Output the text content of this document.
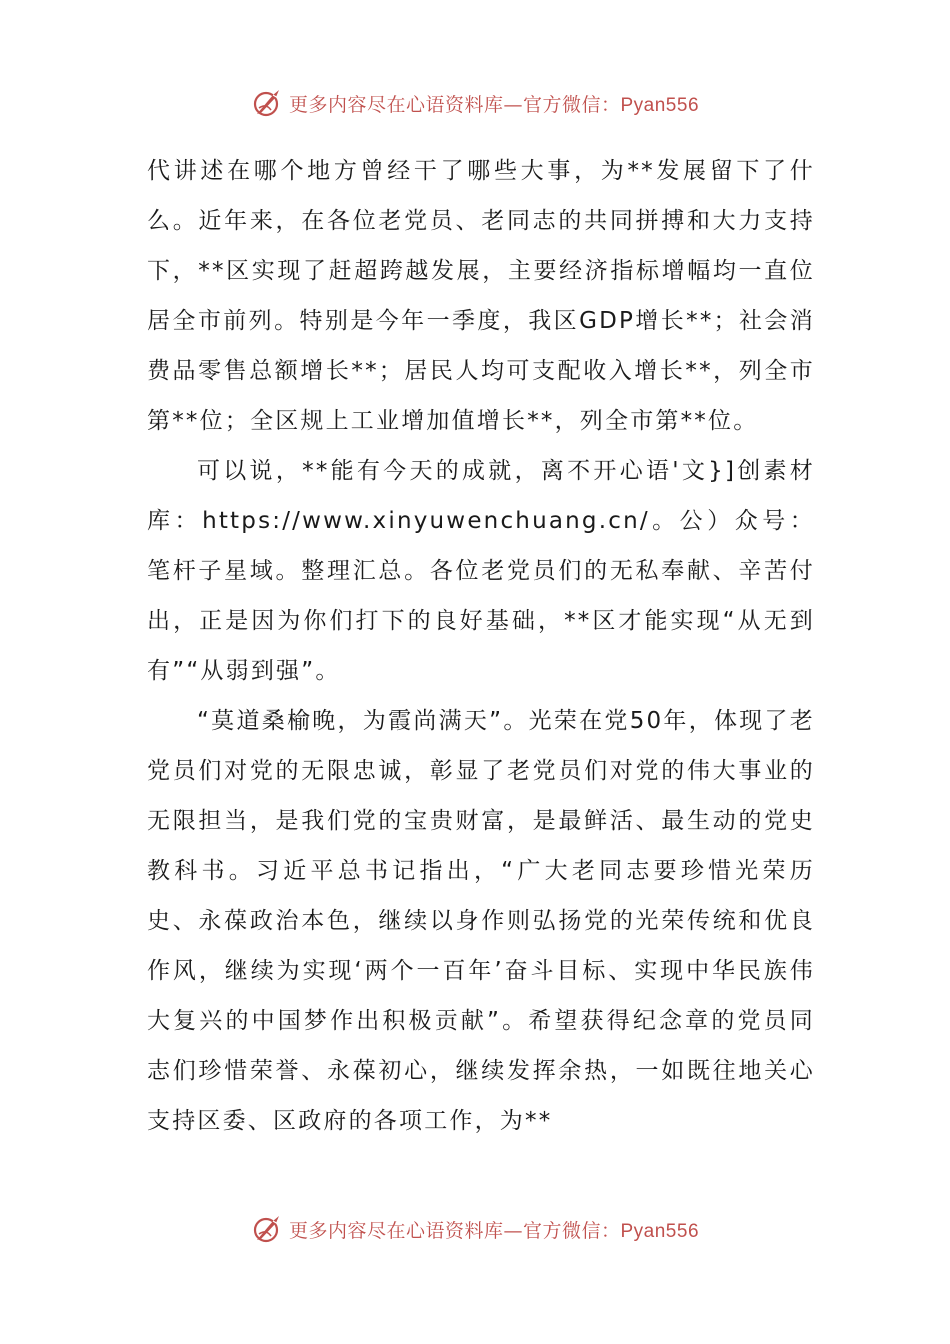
更多内容尽在心语资料库—官方微信：Pyan556

代讲述在哪个地方曾经干了哪些大事，为**发展留下了什么。近年来，在各位老党员、老同志的共同拼搏和大力支持下，**区实现了赶超跨越发展，主要经济指标增幅均一直位居全市前列。特别是今年一季度，我区GDP增长**；社会消费品零售总额增长**；居民人均可支配收入增长**，列全市第**位；全区规上工业增加值增长**，列全市第**位。

可以说，**能有今天的成就，离不开心语'文}]创素材库：https://www.xinyuwenchuang.cn/。公）众号：笔杆子星域。整理汇总。各位老党员们的无私奉献、辛苦付出，正是因为你们打下的良好基础，**区才能实现“从无到有”“从弱到强”。

“莫道桑榆晚，为霞尚满天”。光荣在党50年，体现了老党员们对党的无限忠诚，彰显了老党员们对党的伟大事业的无限担当，是我们党的宝贵财富，是最鲜活、最生动的党史教科书。习近平总书记指出，“广大老同志要珍惜光荣历史、永葆政治本色，继续以身作则弘扬党的光荣传统和优良作风，继续为实现‘两个一百年’奋斗目标、实现中华民族伟大复兴的中国梦作出积极贡献”。希望获得纪念章的党员同志们珍惜荣誉、永葆初心，继续发挥余热，一如既往地关心支持区委、区政府的各项工作，为**

更多内容尽在心语资料库—官方微信：Pyan556
